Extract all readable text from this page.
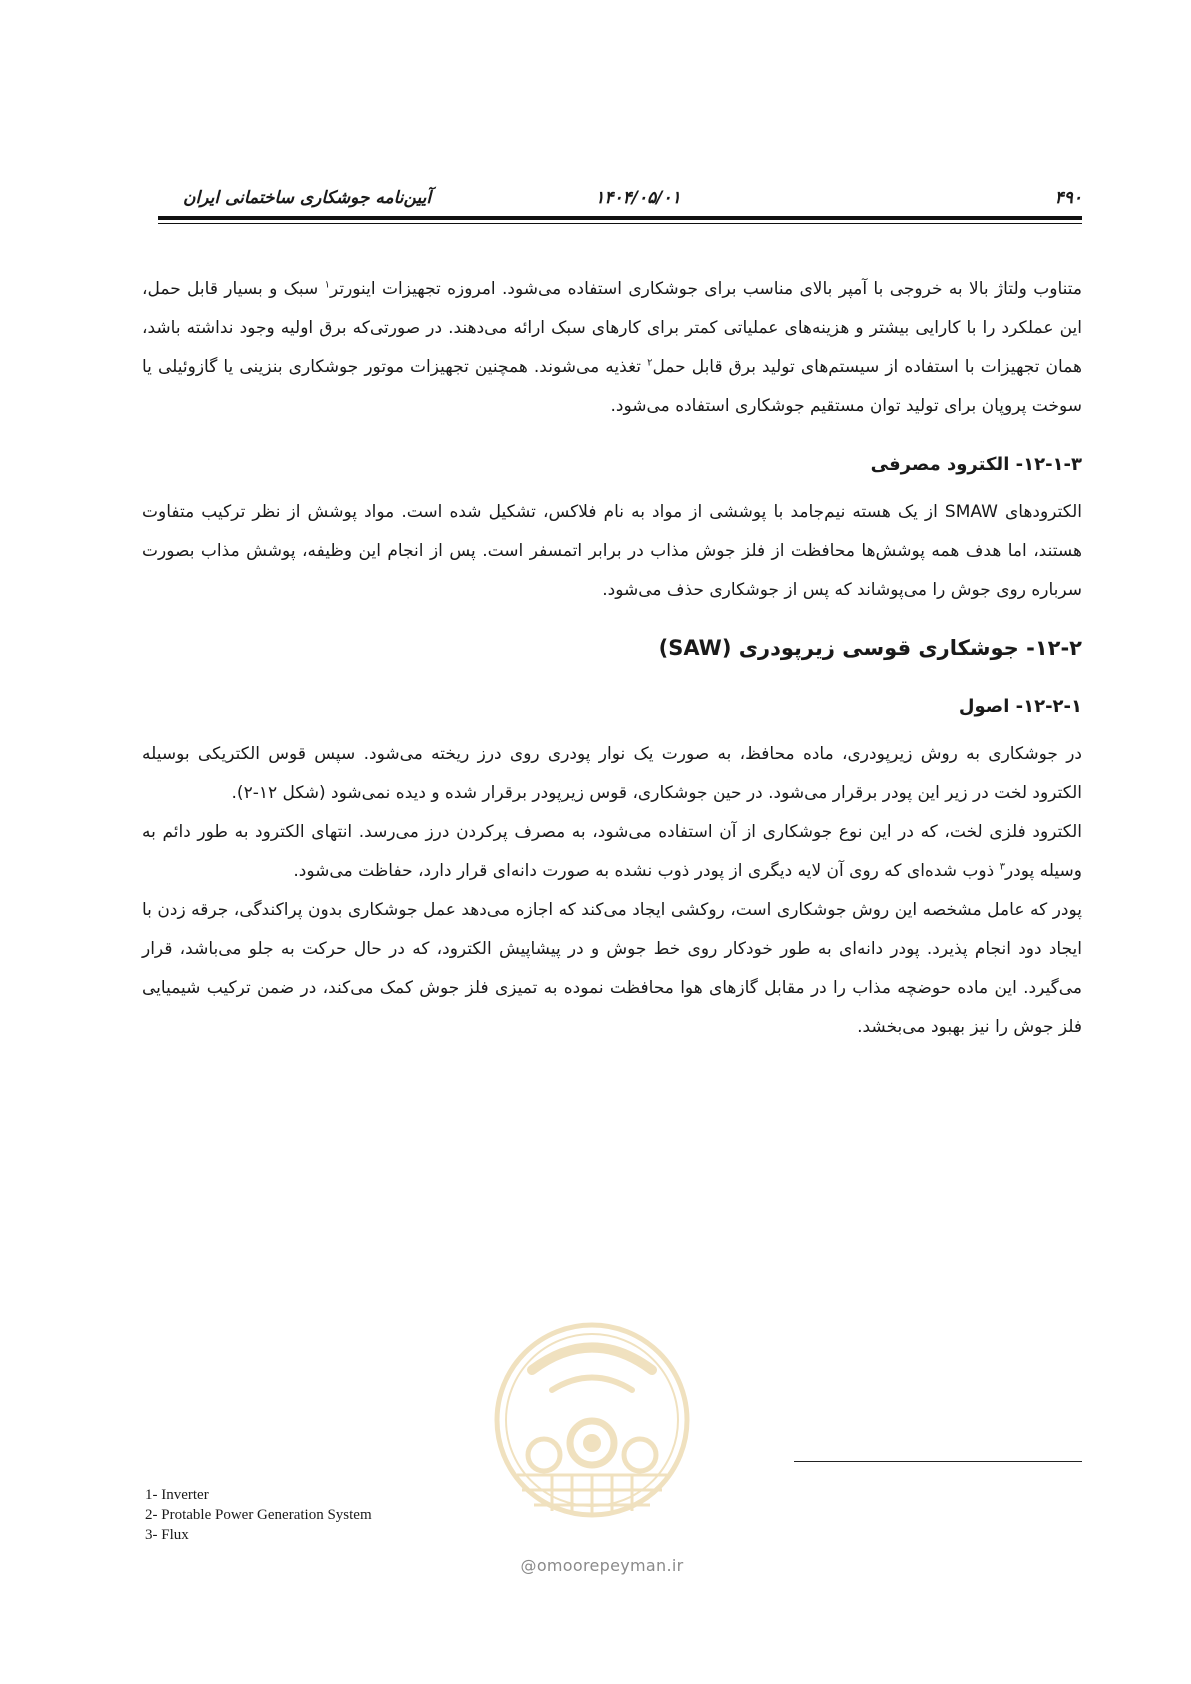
۴۹۰
۱۴۰۴/۰۵/۰۱
آیین‌نامه جوشکاری ساختمانی ایران
@omoorepeyman.ir

متناوب ولتاژ بالا به خروجی با آمپر بالای مناسب برای جوشکاری استفاده می‌شود. امروزه تجهیزات اینورتر$^۱$ سبک و بسیار قابل حمل، این عملکرد را با کارایی بیشتر و هزینه‌های عملیاتی کمتر برای کارهای سبک ارائه می‌دهند. در صورتی‌که برق اولیه وجود نداشته باشد، همان تجهیزات با استفاده از سیستم‌های تولید برق قابل حمل$^۲$ تغذیه می‌شوند. همچنین تجهیزات موتور جوشکاری بنزینی یا گازوئیلی یا سوخت پروپان برای تولید توان مستقیم جوشکاری استفاده می‌شود.

۱۲-۱-۳- الکترود مصرفی

الکترودهای SMAW از یک هسته نیم‌جامد با پوششی از مواد به نام فلاکس، تشکیل شده است. مواد پوشش از نظر ترکیب متفاوت هستند، اما هدف همه پوشش‌ها محافظت از فلز جوش مذاب در برابر اتمسفر است. پس از انجام این وظیفه، پوشش مذاب بصورت سرباره روی جوش را می‌پوشاند که پس از جوشکاری حذف می‌شود.

۱۲-۲- جوشکاری قوسی زیرپودری (SAW)

۱۲-۲-۱- اصول

در جوشکاری به روش زیرپودری، ماده محافظ، به صورت یک نوار پودری روی درز ریخته می‌شود. سپس قوس الکتریکی بوسیله الکترود لخت در زیر این پودر برقرار می‌شود. در حین جوشکاری، قوس زیرپودر برقرار شده و دیده نمی‌شود (شکل ۱۲-۲).

الکترود فلزی لخت، که در این نوع جوشکاری از آن استفاده می‌شود، به مصرف پرکردن درز می‌رسد. انتهای الکترود به طور دائم به وسیله پودر$^۳$ ذوب شده‌ای که روی آن لایه دیگری از پودر ذوب نشده به صورت دانه‌ای قرار دارد، حفاظت می‌شود.

پودر که عامل مشخصه این روش جوشکاری است، روکشی ایجاد می‌کند که اجازه می‌دهد عمل جوشکاری بدون پراکندگی، جرقه زدن با ایجاد دود انجام پذیرد. پودر دانه‌ای به طور خودکار روی خط جوش و در پیشاپیش الکترود، که در حال حرکت به جلو می‌باشد، قرار می‌گیرد. این ماده حوضچه مذاب را در مقابل گازهای هوا محافظت نموده به تمیزی فلز جوش کمک می‌کند، در ضمن ترکیب شیمیایی فلز جوش را نیز بهبود می‌بخشد.

1- Inverter
2- Protable Power Generation System
3- Flux
